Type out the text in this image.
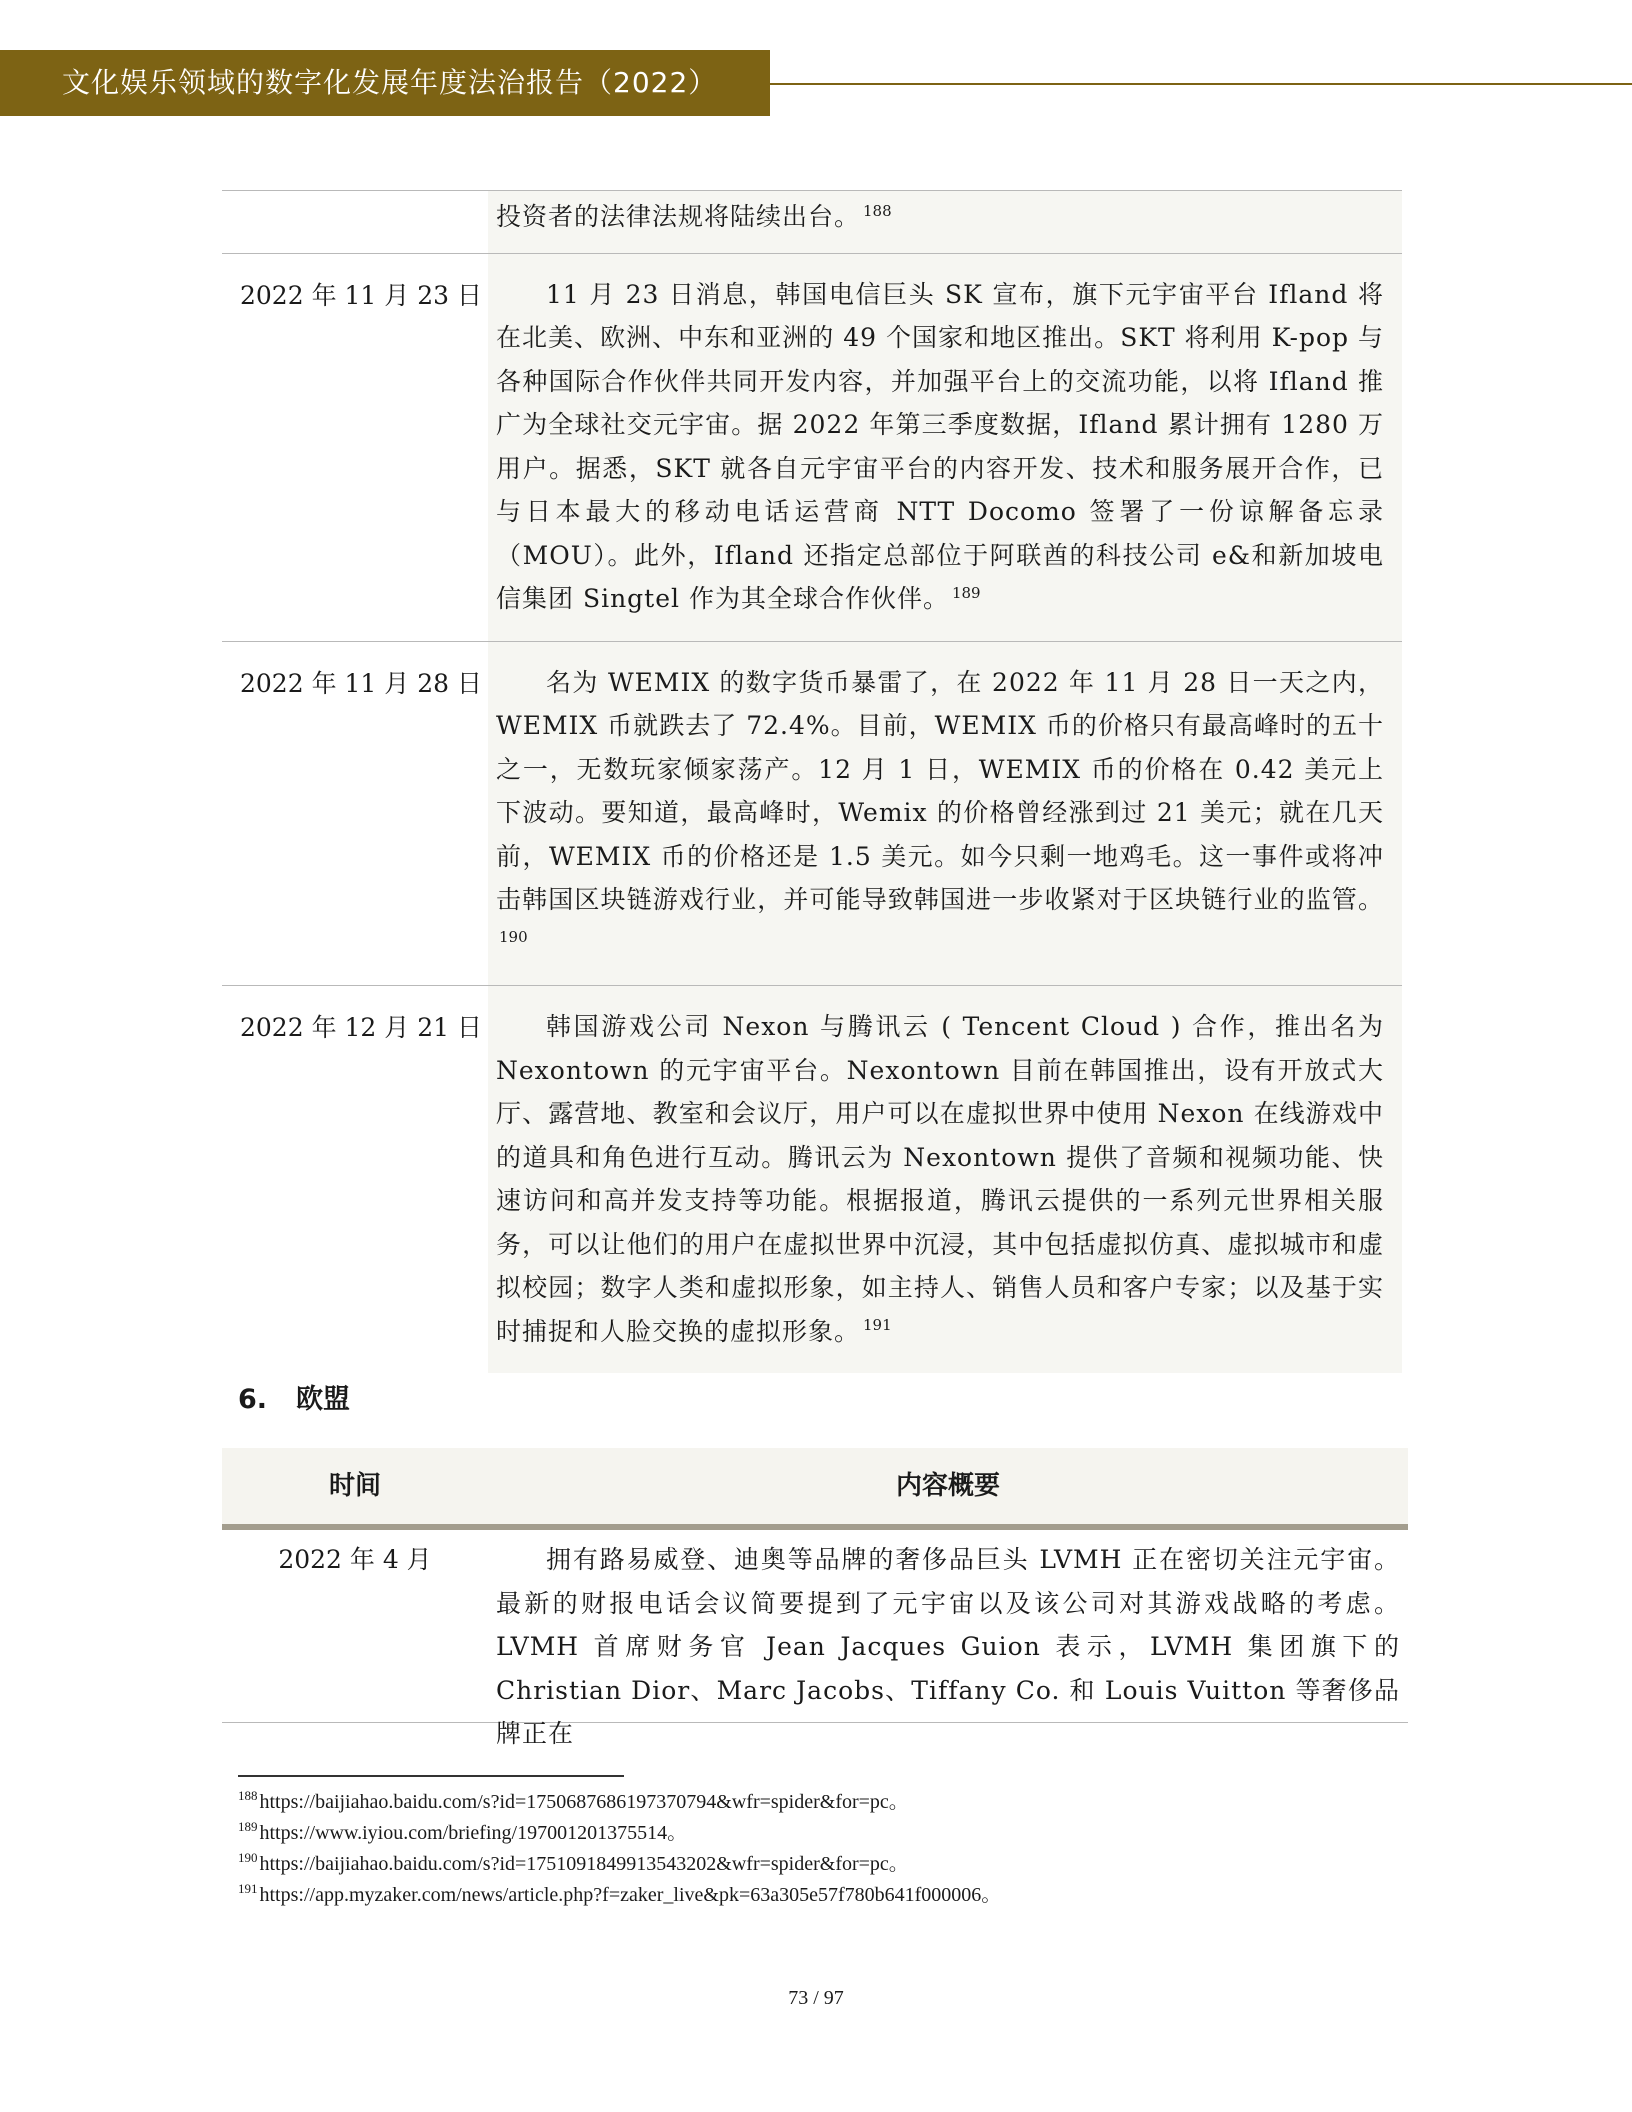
文化娱乐领域的数字化发展年度法治报告（2022）
投资者的法律法规将陆续出台。 $^{188}$
2022 年 11 月 23 日	11 月 23 日消息，韩国电信巨头 SK 宣布，旗下元宇宙平台 Ifland 将在北美、欧洲、中东和亚洲的 49 个国家和地区推出。SKT 将利用 K-pop 与各种国际合作伙伴共同开发内容，并加强平台上的交流功能，以将 Ifland 推广为全球社交元宇宙。据 2022 年第三季度数据，Ifland 累计拥有 1280 万用户。据悉，SKT 就各自元宇宙平台的内容开发、技术和服务展开合作，已与日本最大的移动电话运营商 NTT Docomo 签署了一份谅解备忘录（MOU）。此外，Ifland 还指定总部位于阿联酋的科技公司 e&和新加坡电信集团 Singtel 作为其全球合作伙伴。 $^{189}$
2022 年 11 月 28 日	名为 WEMIX 的数字货币暴雷了，在 2022 年 11 月 28 日一天之内，WEMIX 币就跌去了 72.4%。目前，WEMIX 币的价格只有最高峰时的五十之一，无数玩家倾家荡产。12 月 1 日，WEMIX 币的价格在 0.42 美元上下波动。要知道，最高峰时，Wemix 的价格曾经涨到过 21 美元；就在几天前，WEMIX 币的价格还是 1.5 美元。如今只剩一地鸡毛。这一事件或将冲击韩国区块链游戏行业，并可能导致韩国进一步收紧对于区块链行业的监管。$^{190}$
2022 年 12 月 21 日	韩国游戏公司 Nexon 与腾讯云 ( Tencent Cloud ) 合作，推出名为 Nexontown 的元宇宙平台。Nexontown 目前在韩国推出，设有开放式大厅、露营地、教室和会议厅，用户可以在虚拟世界中使用 Nexon 在线游戏中的道具和角色进行互动。腾讯云为 Nexontown 提供了音频和视频功能、快速访问和高并发支持等功能。根据报道，腾讯云提供的一系列元世界相关服务，可以让他们的用户在虚拟世界中沉浸，其中包括虚拟仿真、虚拟城市和虚拟校园；数字人类和虚拟形象，如主持人、销售人员和客户专家；以及基于实时捕捉和人脸交换的虚拟形象。 $^{191}$
6. 欧盟
时间	内容概要
2022 年 4 月	拥有路易威登、迪奥等品牌的奢侈品巨头 LVMH 正在密切关注元宇宙。最新的财报电话会议简要提到了元宇宙以及该公司对其游戏战略的考虑。LVMH 首席财务官 Jean Jacques Guion 表示，LVMH 集团旗下的 Christian Dior、Marc Jacobs、Tiffany Co. 和 Louis Vuitton 等奢侈品牌正在
$^{188}$ https://baijiahao.baidu.com/s?id=1750687686197370794&wfr=spider&for=pc。
$^{189}$ https://www.iyiou.com/briefing/197001201375514。
$^{190}$ https://baijiahao.baidu.com/s?id=1751091849913543202&wfr=spider&for=pc。
$^{191}$ https://app.myzaker.com/news/article.php?f=zaker_live&pk=63a305e57f780b641f000006。
73 / 97
